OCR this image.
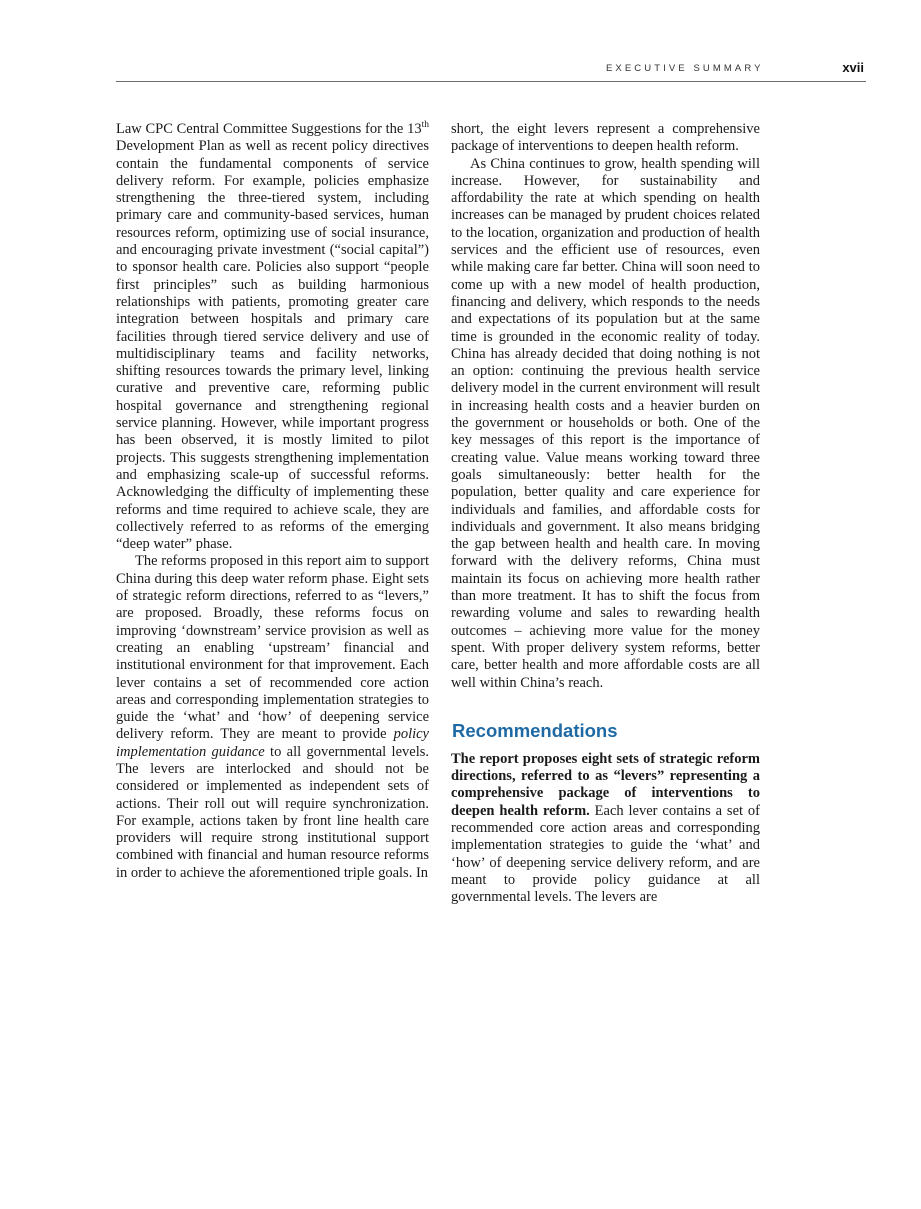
EXECUTIVE SUMMARY	xvii

Law CPC Central Committee Suggestions for the 13th Development Plan as well as recent policy directives contain the fundamental components of service delivery reform. For example, policies emphasize strengthening the three-tiered system, including primary care and community-based services, human resources reform, optimizing use of social insurance, and encouraging private investment (“social capital”) to sponsor health care. Policies also support “people first principles” such as building harmonious relationships with patients, promoting greater care integration between hospitals and primary care facilities through tiered service delivery and use of multidisciplinary teams and facility networks, shifting resources towards the primary level, linking curative and preventive care, reforming public hospital governance and strengthening regional service planning. However, while important progress has been observed, it is mostly limited to pilot projects. This suggests strengthening implementation and emphasizing scale-up of successful reforms. Acknowledging the difficulty of implementing these reforms and time required to achieve scale, they are collectively referred to as reforms of the emerging “deep water” phase.

The reforms proposed in this report aim to support China during this deep water reform phase. Eight sets of strategic reform directions, referred to as “levers,” are proposed. Broadly, these reforms focus on improving ‘downstream’ service provision as well as creating an enabling ‘upstream’ financial and institutional environment for that improvement. Each lever contains a set of recommended core action areas and corresponding implementation strategies to guide the ‘what’ and ‘how’ of deepening service delivery reform. They are meant to provide policy implementation guidance to all governmental levels. The levers are interlocked and should not be considered or implemented as independent sets of actions. Their roll out will require synchronization. For example, actions taken by front line health care providers will require strong institutional support combined with financial and human resource reforms in order to achieve the aforementioned triple goals. In

short, the eight levers represent a comprehensive package of interventions to deepen health reform.

As China continues to grow, health spending will increase. However, for sustainability and affordability the rate at which spending on health increases can be managed by prudent choices related to the location, organization and production of health services and the efficient use of resources, even while making care far better. China will soon need to come up with a new model of health production, financing and delivery, which responds to the needs and expectations of its population but at the same time is grounded in the economic reality of today. China has already decided that doing nothing is not an option: continuing the previous health service delivery model in the current environment will result in increasing health costs and a heavier burden on the government or households or both. One of the key messages of this report is the importance of creating value. Value means working toward three goals simultaneously: better health for the population, better quality and care experience for individuals and families, and affordable costs for individuals and government. It also means bridging the gap between health and health care. In moving forward with the delivery reforms, China must maintain its focus on achieving more health rather than more treatment. It has to shift the focus from rewarding volume and sales to rewarding health outcomes – achieving more value for the money spent. With proper delivery system reforms, better care, better health and more affordable costs are all well within China’s reach.

Recommendations

The report proposes eight sets of strategic reform directions, referred to as “levers” representing a comprehensive package of interventions to deepen health reform. Each lever contains a set of recommended core action areas and corresponding implementation strategies to guide the ‘what’ and ‘how’ of deepening service delivery reform, and are meant to provide policy guidance at all governmental levels. The levers are
